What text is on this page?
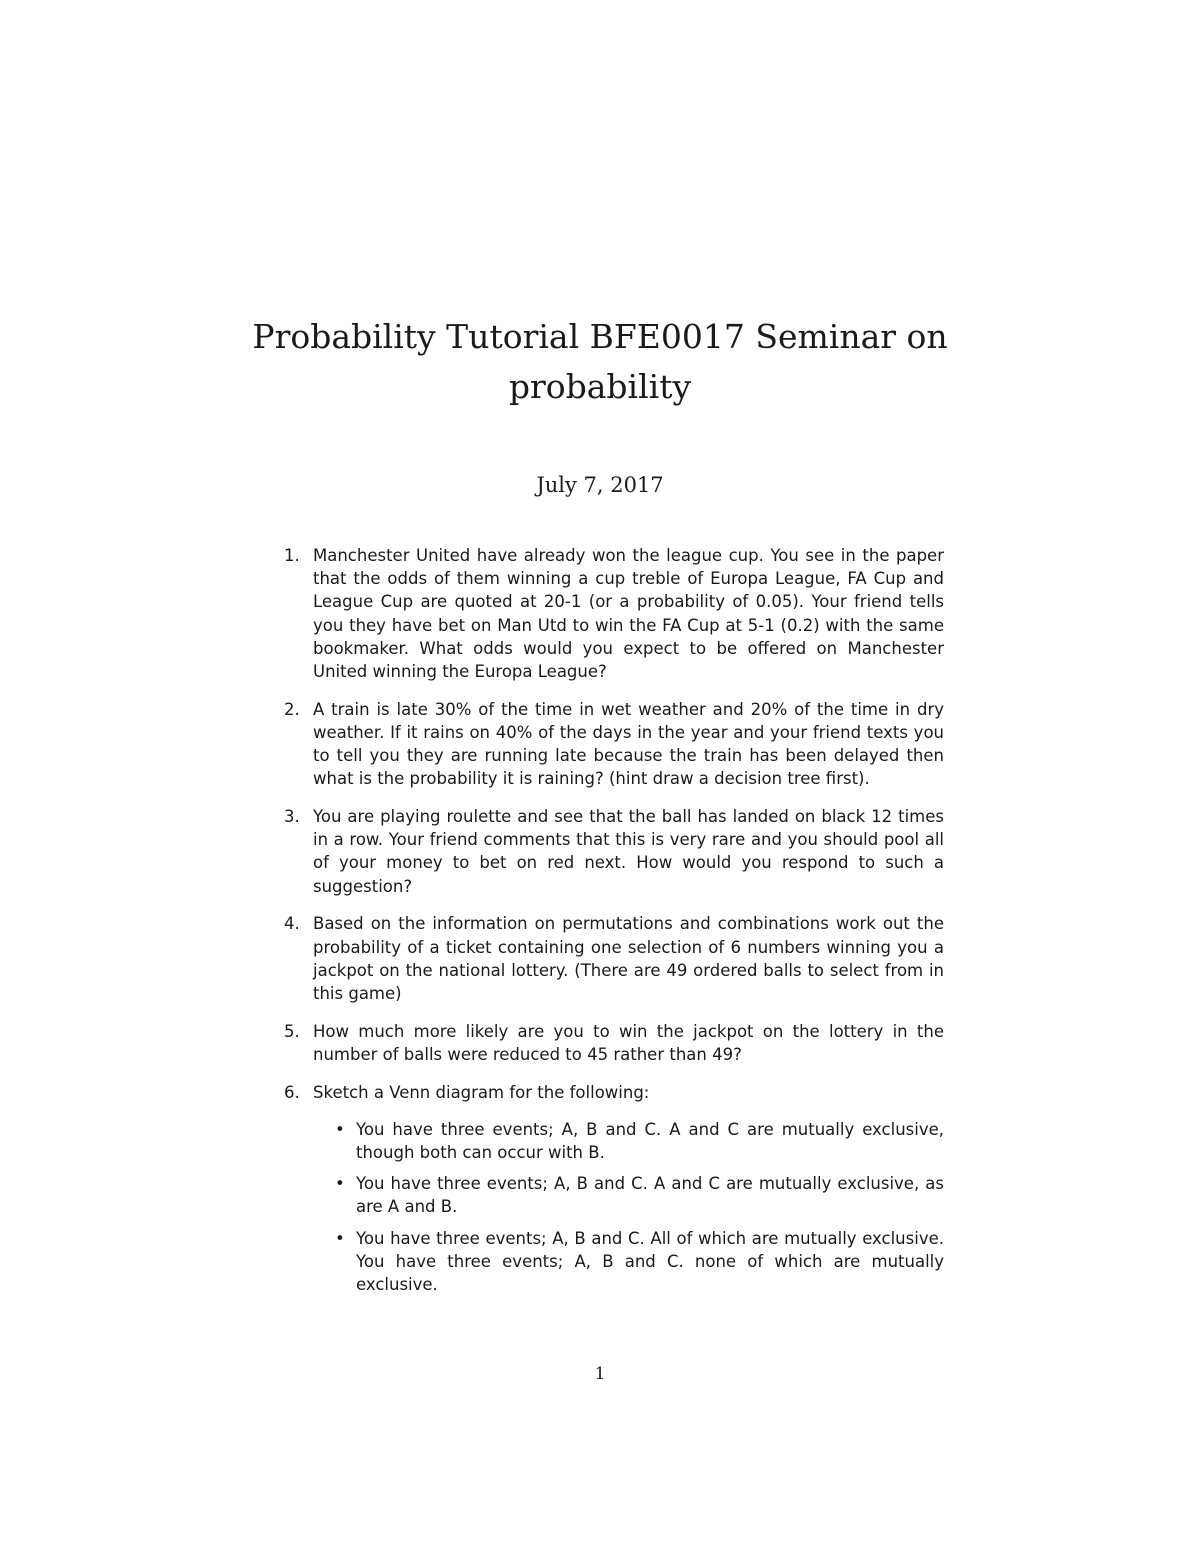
Probability Tutorial BFE0017 Seminar on probability

July 7, 2017

1. Manchester United have already won the league cup. You see in the paper that the odds of them winning a cup treble of Europa League, FA Cup and League Cup are quoted at 20-1 (or a probability of 0.05). Your friend tells you they have bet on Man Utd to win the FA Cup at 5-1 (0.2) with the same bookmaker. What odds would you expect to be offered on Manchester United winning the Europa League?
2. A train is late 30% of the time in wet weather and 20% of the time in dry weather. If it rains on 40% of the days in the year and your friend texts you to tell you they are running late because the train has been delayed then what is the probability it is raining? (hint draw a decision tree first).
3. You are playing roulette and see that the ball has landed on black 12 times in a row. Your friend comments that this is very rare and you should pool all of your money to bet on red next. How would you respond to such a suggestion?
4. Based on the information on permutations and combinations work out the probability of a ticket containing one selection of 6 numbers winning you a jackpot on the national lottery. (There are 49 ordered balls to select from in this game)
5. How much more likely are you to win the jackpot on the lottery in the number of balls were reduced to 45 rather than 49?
6. Sketch a Venn diagram for the following:
• You have three events; A, B and C. A and C are mutually exclusive, though both can occur with B.
• You have three events; A, B and C. A and C are mutually exclusive, as are A and B.
• You have three events; A, B and C. All of which are mutually exclusive. You have three events; A, B and C. none of which are mutually exclusive.

1
